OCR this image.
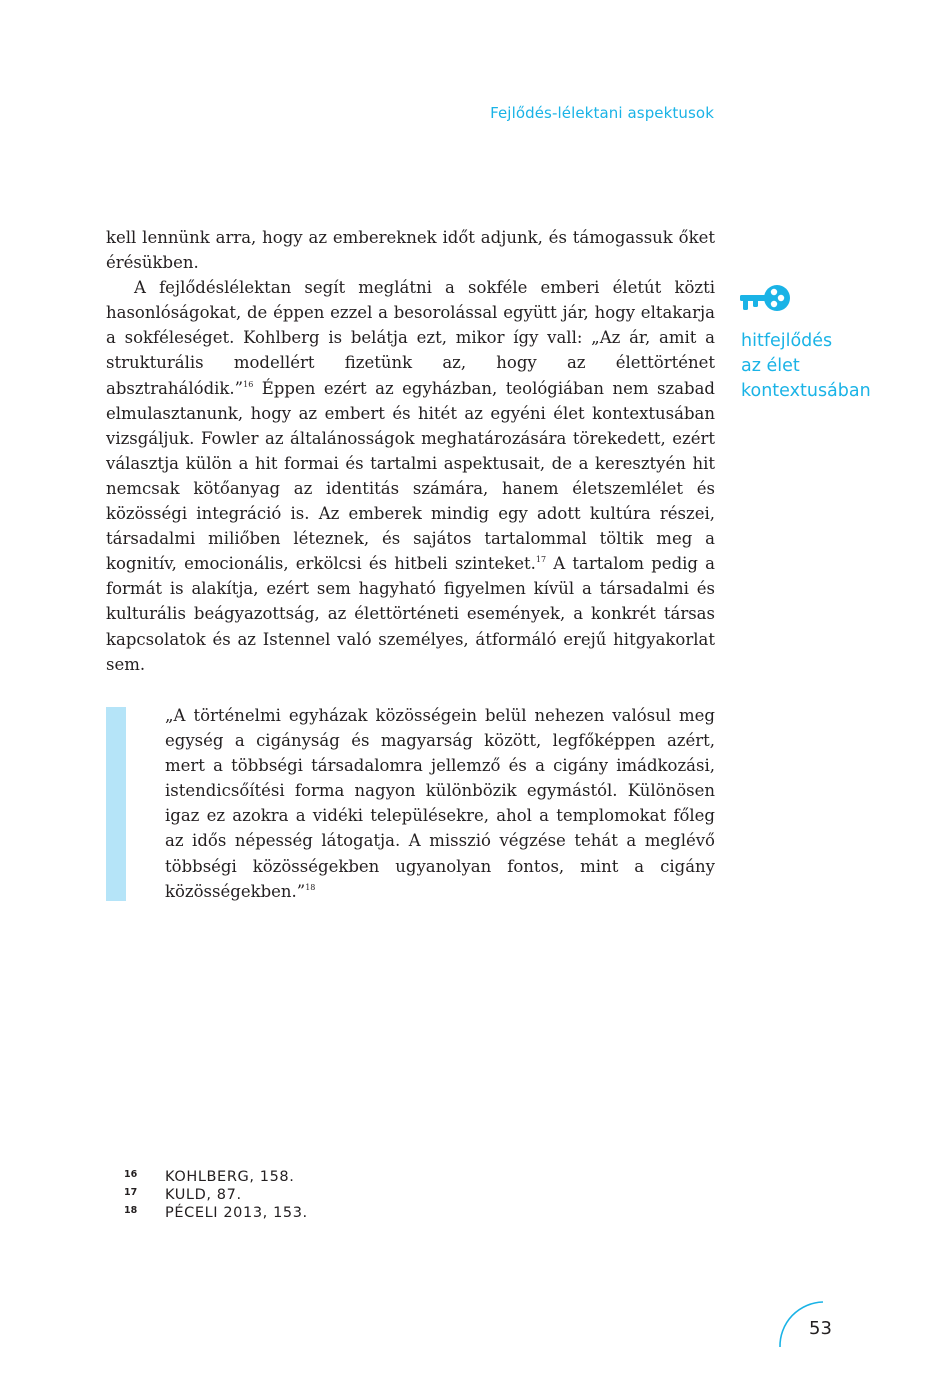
Fejlődés-lélektani aspektusok

kell lennünk arra, hogy az embereknek időt adjunk, és támogassuk őket érésükben.

A fejlődéslélektan segít meglátni a sokféle emberi életút közti hasonlóságokat, de éppen ezzel a besorolással együtt jár, hogy eltakarja a sokféleséget. Kohlberg is belátja ezt, mikor így vall: „Az ár, amit a strukturális modellért fizetünk az, hogy az élettörténet absztrahálódik.”$^{16}$ Éppen ezért az egyházban, teológiában nem szabad elmulasztanunk, hogy az embert és hitét az egyéni élet kontextusában vizsgáljuk. Fowler az általánosságok meghatározására törekedett, ezért választja külön a hit formai és tartalmi aspektusait, de a keresztyén hit nemcsak kötőanyag az identitás számára, hanem életszemlélet és közösségi integráció is. Az emberek mindig egy adott kultúra részei, társadalmi miliőben léteznek, és sajátos tartalommal töltik meg a kognitív, emocionális, erkölcsi és hitbeli szinteket.$^{17}$ A tartalom pedig a formát is alakítja, ezért sem hagyható figyelmen kívül a társadalmi és kulturális beágyazottság, az élettörténeti események, a konkrét társas kapcsolatok és az Istennel való személyes, átformáló erejű hitgyakorlat sem.

hitfejlődés
az élet
kontextusában
„A történelmi egyházak közösségein belül nehezen valósul meg egység a cigányság és magyarság között, legfőképpen azért, mert a többségi társadalomra jellemző és a cigány imádkozási, istendicsőítési forma nagyon különbözik egymástól. Különösen igaz ez azokra a vidéki településekre, ahol a templomokat főleg az idős népesség látogatja. A misszió végzése tehát a meglévő többségi közösségekben ugyanolyan fontos, mint a cigány közösségekben.”$^{18}$
16	KOHLBERG, 158.
17	KULD, 87.
18	PÉCELI 2013, 153.
53
